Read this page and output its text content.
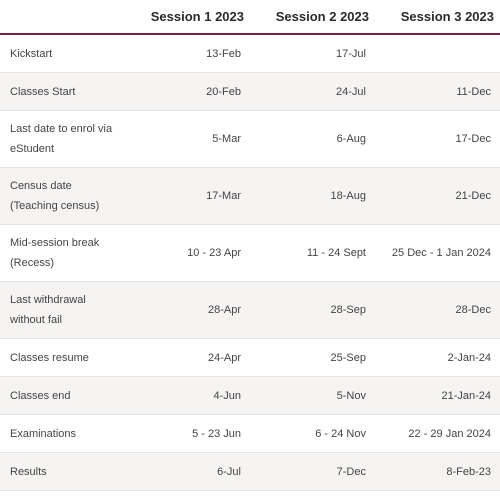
	Session 1 2023	Session 2 2023	Session 3 2023
Kickstart	13-Feb	17-Jul	
Classes Start	20-Feb	24-Jul	11-Dec
Last date to enrol via eStudent	5-Mar	6-Aug	17-Dec
Census date (Teaching census)	17-Mar	18-Aug	21-Dec
Mid-session break (Recess)	10 - 23 Apr	11 - 24 Sept	25 Dec - 1 Jan 2024
Last withdrawal without fail	28-Apr	28-Sep	28-Dec
Classes resume	24-Apr	25-Sep	2-Jan-24
Classes end	4-Jun	5-Nov	21-Jan-24
Examinations	5 - 23 Jun	6 - 24 Nov	22 - 29 Jan 2024
Results	6-Jul	7-Dec	8-Feb-23
